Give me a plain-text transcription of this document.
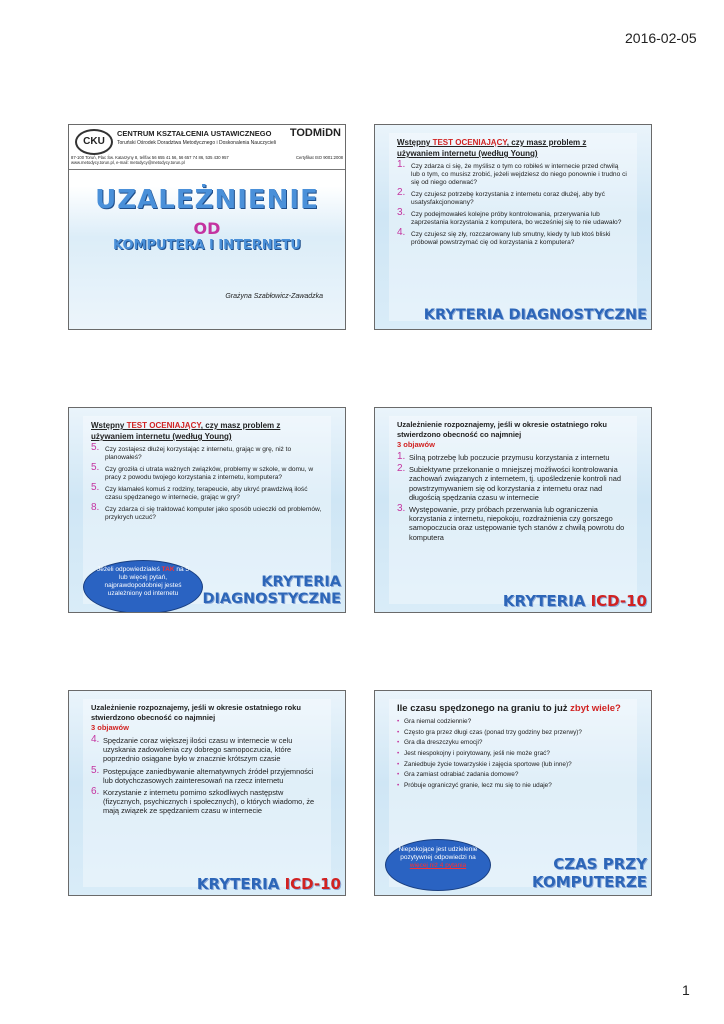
2016-02-05
CKU
CENTRUM KSZTAŁCENIA USTAWICZNEGO
Toruński Ośrodek Doradztwa Metodycznego i Doskonalenia Nauczycieli
TODMiDN
87-100 Toruń, Plac Św. Katarzyny 8, tel/fax 56 655 41 56, 56 657 74 86, 535 430 957
www.metodycy.torun.pl, e-mail: metodycy@metodycy.torun.pl
Certyfikat ISO 9001:2008
UZALEŻNIENIE
OD
KOMPUTERA I INTERNETU
Grażyna Szabłowicz-Zawadzka
Wstępny TEST OCENIAJĄCY, czy masz problem z używaniem internetu (według Young)
1. Czy zdarza ci się, że myślisz o tym co robiłeś w internecie przed chwilą lub o tym, co musisz zrobić, jeżeli wejdziesz do niego ponownie i trudno ci się od niego oderwać?
2. Czy czujesz potrzebę korzystania z internetu coraz dłużej, aby być usatysfakcjonowany?
3. Czy podejmowałeś kolejne próby kontrolowania, przerywania lub zaprzestania korzystania z komputera, bo wcześniej się to nie udawało?
4. Czy czujesz się zły, rozczarowany lub smutny, kiedy ty lub ktoś bliski próbował powstrzymać cię od korzystania z komputera?
KRYTERIA DIAGNOSTYCZNE
Wstępny TEST OCENIAJĄCY, czy masz problem z używaniem internetu (według Young)
5. Czy zostajesz dłużej korzystając z internetu, grając w grę, niż to planowałeś?
5. Czy groziła ci utrata ważnych związków, problemy w szkole, w domu, w pracy z powodu twojego korzystania z internetu, komputera?
5. Czy kłamałeś komuś z rodziny, terapeucie, aby ukryć prawdziwą ilość czasu spędzanego w internecie, grając w gry?
8. Czy zdarza ci się traktować komputer jako sposób ucieczki od problemów, przykrych uczuć?
Jeżeli odpowiedziałeś TAK na 5 lub więcej pytań, najprawdopodobniej jesteś uzależniony od internetu
KRYTERIA
DIAGNOSTYCZNE
Uzależnienie rozpoznajemy, jeśli w okresie ostatniego roku stwierdzono obecność co najmniej
3 objawów
1. Silną potrzebę lub poczucie przymusu korzystania z internetu
2. Subiektywne przekonanie o mniejszej możliwości kontrolowania zachowań związanych z internetem, tj. upośledzenie kontroli nad powstrzymywaniem się od korzystania z internetu oraz nad długością spędzania czasu w internecie
3. Występowanie, przy próbach przerwania lub ograniczenia korzystania z internetu, niepokoju, rozdrażnienia czy gorszego samopoczucia oraz ustępowanie tych stanów z chwilą powrotu do komputera
KRYTERIA ICD-10
Uzależnienie rozpoznajemy, jeśli w okresie ostatniego roku stwierdzono obecność co najmniej
3 objawów
4. Spędzanie coraz większej ilości czasu w internecie w celu uzyskania zadowolenia czy dobrego samopoczucia, które poprzednio osiągane było w znacznie krótszym czasie
5. Postępujące zaniedbywanie alternatywnych źródeł przyjemności lub dotychczasowych zainteresowań na rzecz internetu
6. Korzystanie z internetu pomimo szkodliwych następstw (fizycznych, psychicznych i społecznych), o których wiadomo, że mają związek ze spędzaniem czasu w internecie
KRYTERIA ICD-10
Ile czasu spędzonego na graniu to już zbyt wiele?
• Gra niemal codziennie?
• Często gra przez długi czas (ponad trzy godziny bez przerwy)?
• Gra dla dreszczyku emocji?
• Jest niespokojny i poirytowany, jeśli nie może grać?
• Zaniedbuje życie towarzyskie i zajęcia sportowe (lub inne)?
• Gra zamiast odrabiać zadania domowe?
• Próbuje ograniczyć granie, lecz mu się to nie udaje?
Niepokojące jest udzielenie pozytywnej odpowiedzi na więcej niż 4 pytania	CZAS PRZY
KOMPUTERZE
1
